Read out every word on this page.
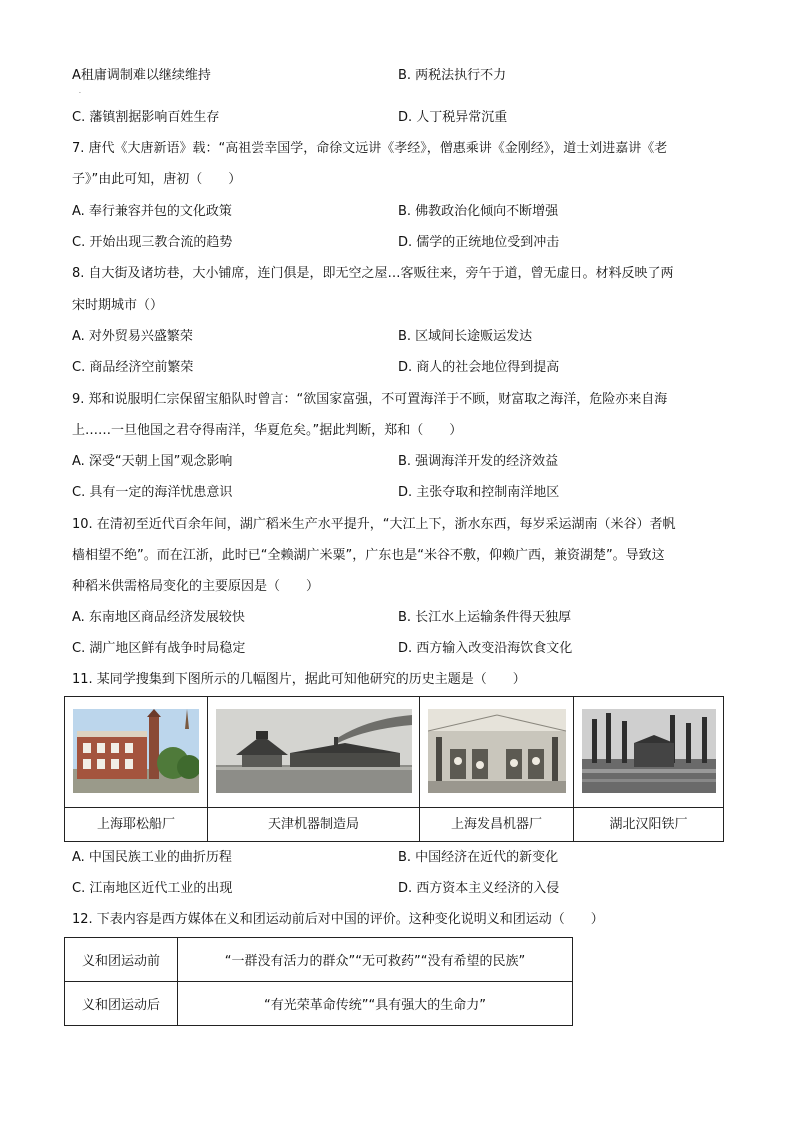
A租庸调制难以继续维持	B. 两税法执行不力
·
C. 藩镇割据影响百姓生存	D. 人丁税异常沉重
7. 唐代《大唐新语》载：“高祖尝幸国学，命徐文远讲《孝经》，僧惠乘讲《金刚经》，道士刘进嘉讲《老
子》”由此可知，唐初（　　）
A. 奉行兼容并包的文化政策	B. 佛教政治化倾向不断增强
C. 开始出现三教合流的趋势	D. 儒学的正统地位受到冲击
8. 自大街及诸坊巷，大小铺席，连门俱是，即无空之屋…客贩往来，旁午于道，曾无虚日。材料反映了两
宋时期城市（）
A. 对外贸易兴盛繁荣	B. 区域间长途贩运发达
C. 商品经济空前繁荣	D. 商人的社会地位得到提高
9. 郑和说服明仁宗保留宝船队时曾言：“欲国家富强，不可置海洋于不顾，财富取之海洋，危险亦来自海
上……一旦他国之君夺得南洋，华夏危矣。”据此判断，郑和（　　）
A. 深受“天朝上国”观念影响	B. 强调海洋开发的经济效益
C. 具有一定的海洋忧患意识	D. 主张夺取和控制南洋地区
10. 在清初至近代百余年间，湖广稻米生产水平提升，“大江上下，浙水东西，每岁采运湖南（米谷）者帆
樯相望不绝”。而在江浙，此时已“全赖湖广米粟”，广东也是“米谷不敷，仰赖广西，兼资湖楚”。导致这
种稻米供需格局变化的主要原因是（　　）
A. 东南地区商品经济发展较快	B. 长江水上运输条件得天独厚
C. 湖广地区鲜有战争时局稳定	D. 西方输入改变沿海饮食文化
11. 某同学搜集到下图所示的几幅图片，据此可知他研究的历史主题是（　　）

上海耶松船厂	天津机器制造局	上海发昌机器厂	湖北汉阳铁厂
A. 中国民族工业的曲折历程	B. 中国经济在近代的新变化
C. 江南地区近代工业的出现	D. 西方资本主义经济的入侵
12. 下表内容是西方媒体在义和团运动前后对中国的评价。这种变化说明义和团运动（　　）
义和团运动前	“一群没有活力的群众”“无可救药”“没有希望的民族”
义和团运动后	“有光荣革命传统”“具有强大的生命力”
